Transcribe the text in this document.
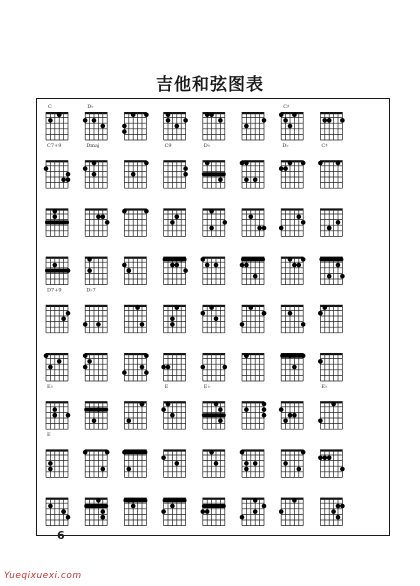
吉他和弦图表
C
C7+9
D♭
Dmaj	C9	D♭
C♯
D♭	C♯
D7+9	D♭7
E♭	E	E♭	E♭
E
6
Yueqixuexi.com
